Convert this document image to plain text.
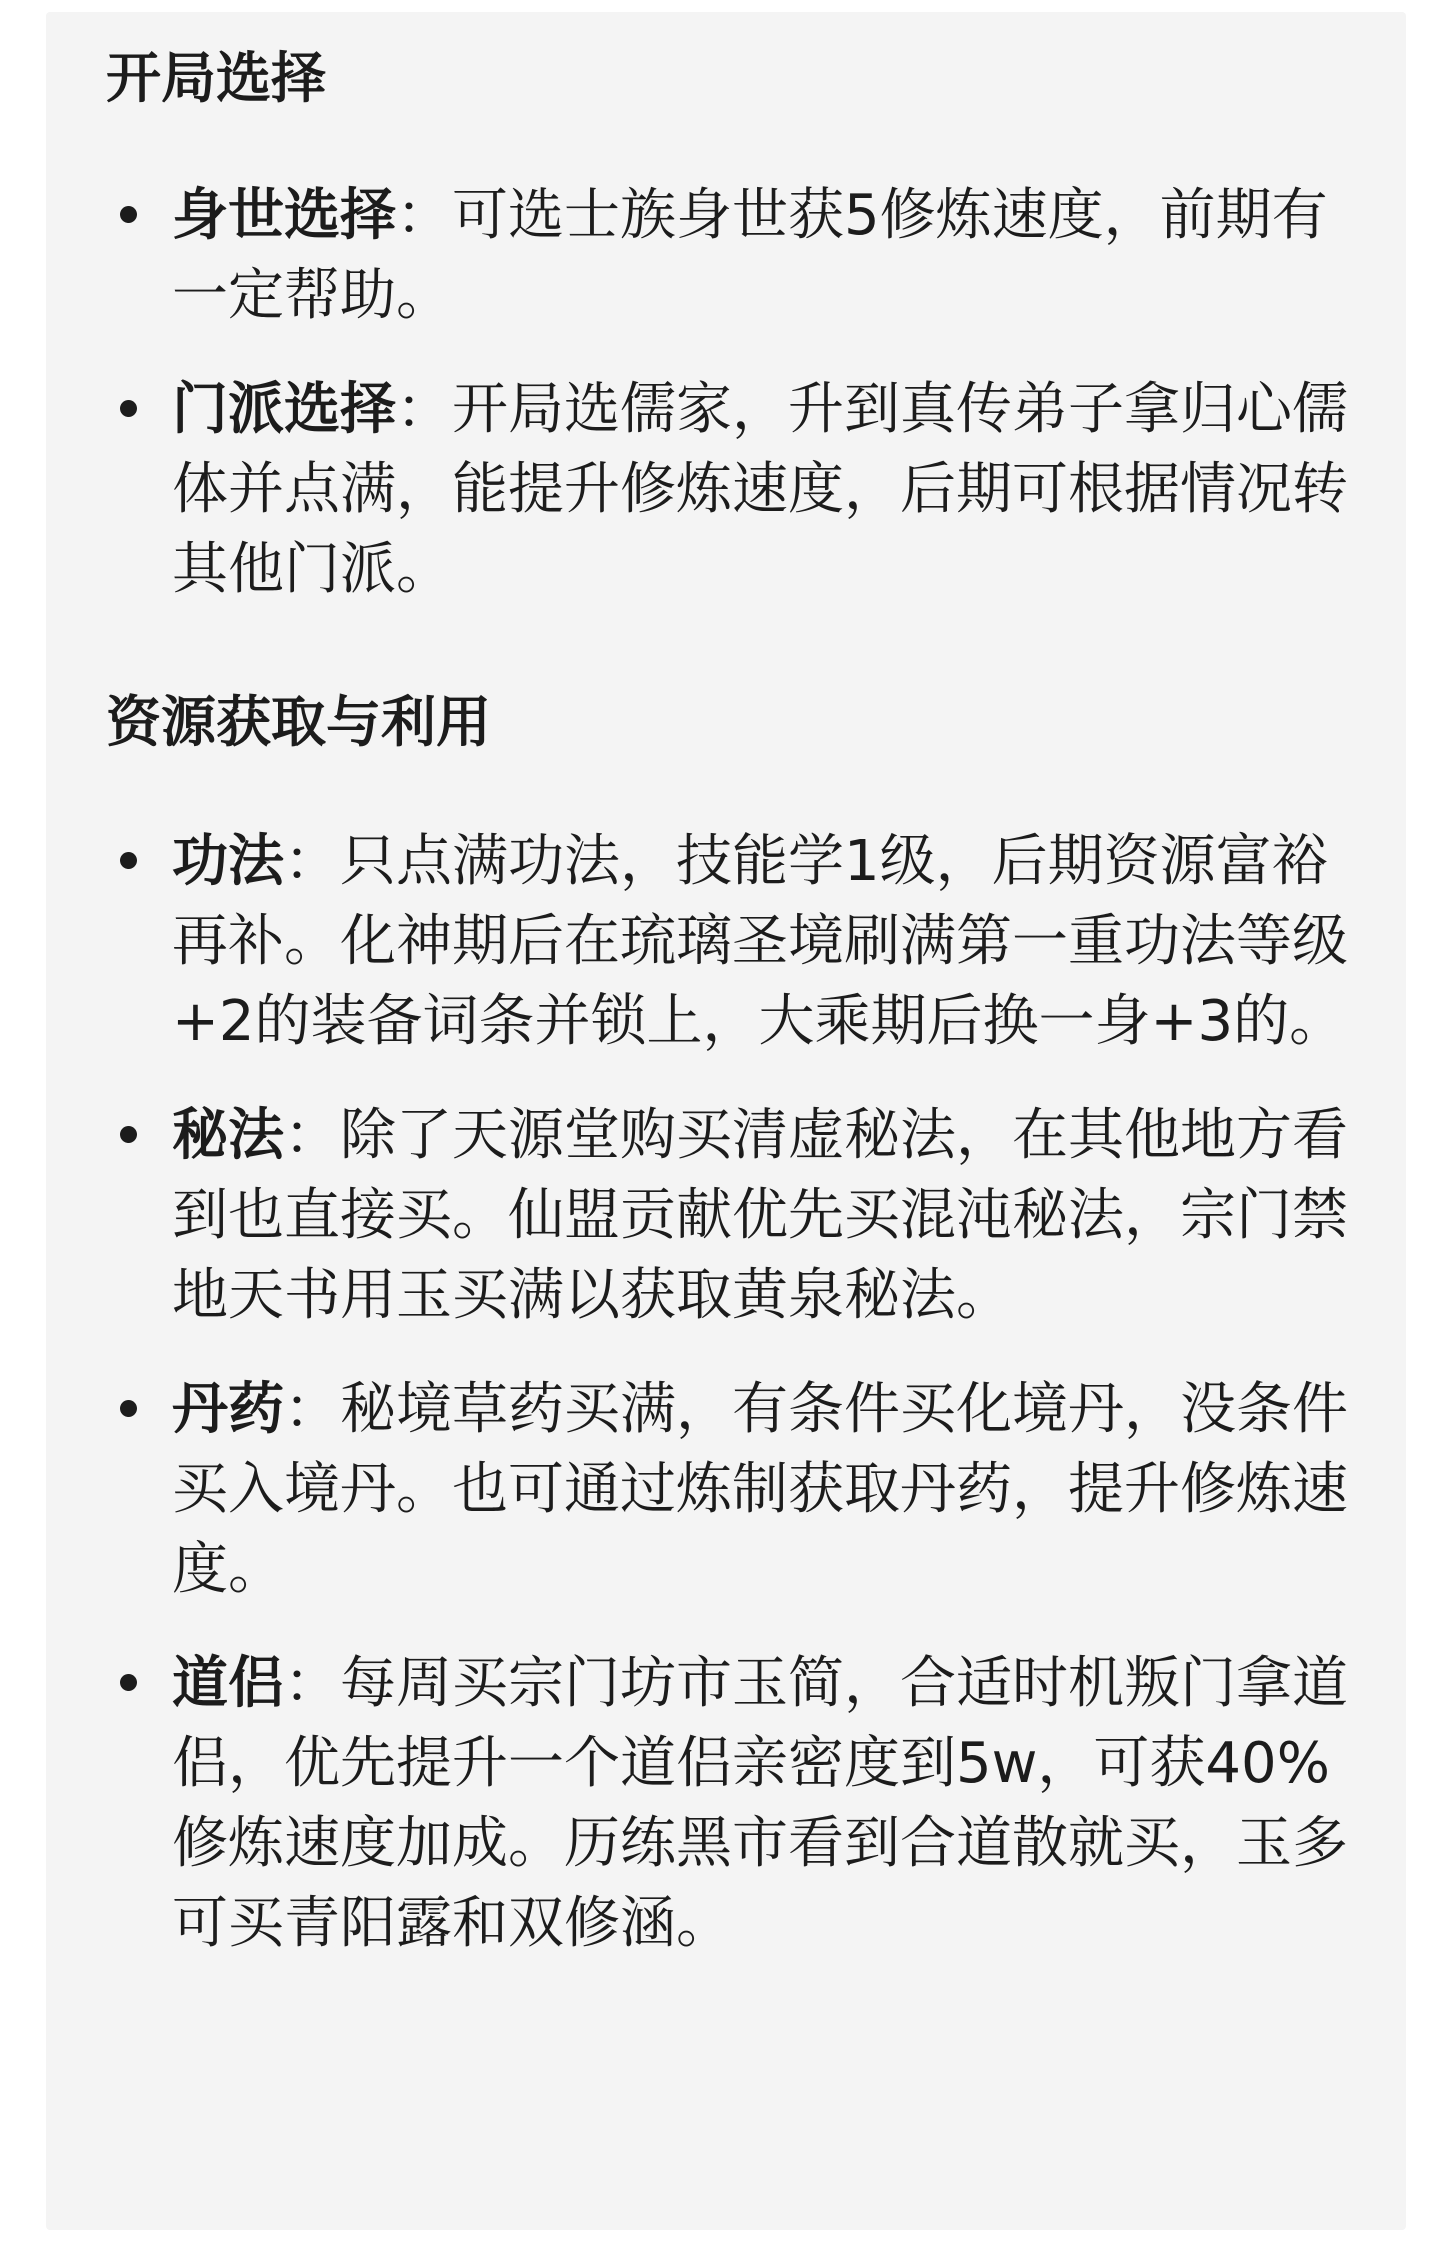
开局选择
身世选择：可选士族身世获5修炼速度，前期有一定帮助。
门派选择：开局选儒家，升到真传弟子拿归心儒体并点满，能提升修炼速度，后期可根据情况转其他门派。
资源获取与利用
功法：只点满功法，技能学1级，后期资源富裕再补。化神期后在琉璃圣境刷满第一重功法等级+2的装备词条并锁上，大乘期后换一身+3的。
秘法：除了天源堂购买清虚秘法，在其他地方看到也直接买。仙盟贡献优先买混沌秘法，宗门禁地天书用玉买满以获取黄泉秘法。
丹药：秘境草药买满，有条件买化境丹，没条件买入境丹。也可通过炼制获取丹药，提升修炼速度。
道侣：每周买宗门坊市玉简，合适时机叛门拿道侣，优先提升一个道侣亲密度到5w，可获40%修炼速度加成。历练黑市看到合道散就买，玉多可买青阳露和双修涵。
